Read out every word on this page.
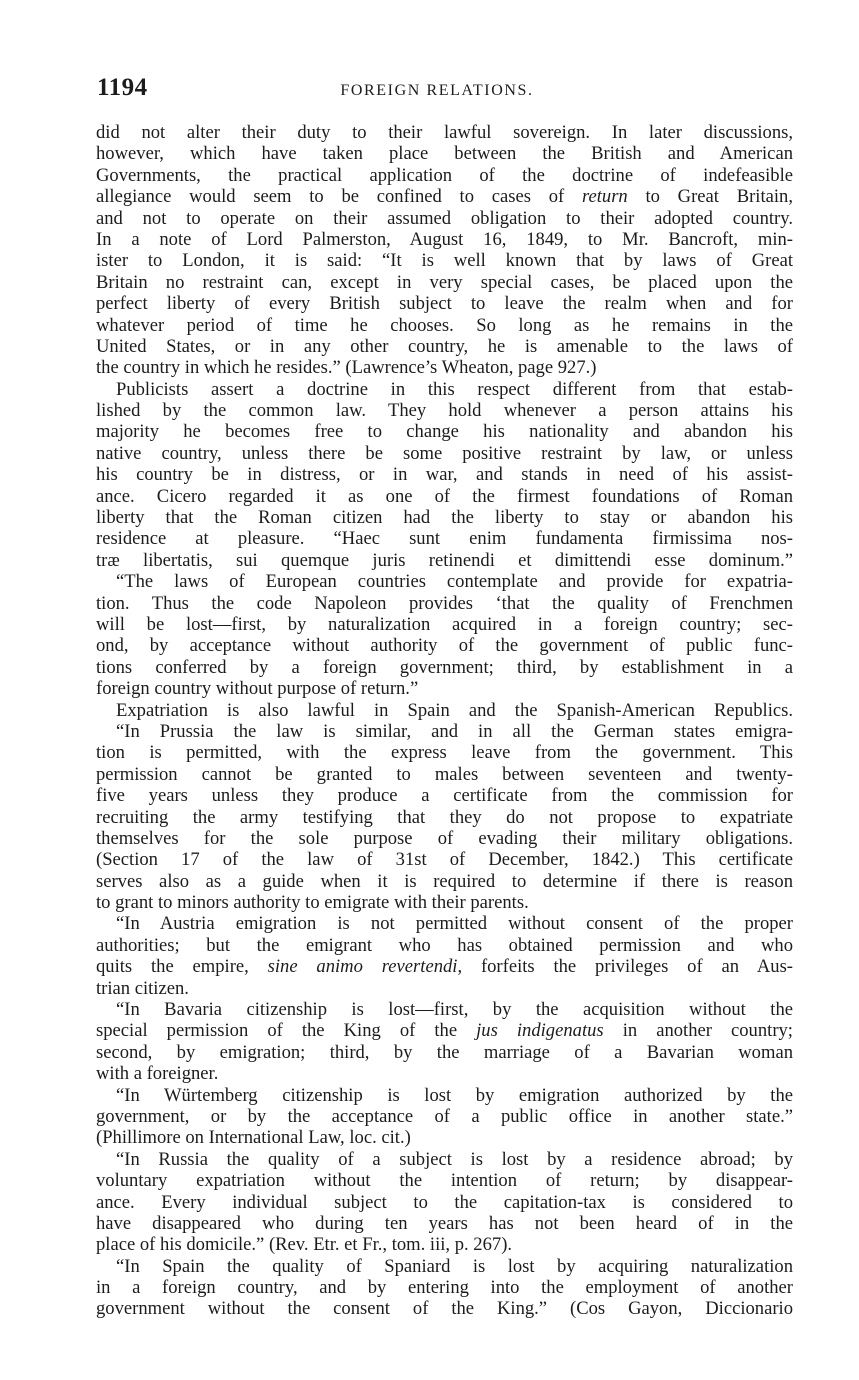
1194	FOREIGN RELATIONS.
did not alter their duty to their lawful sovereign. In later discussions,
however, which have taken place between the British and American
Governments, the practical application of the doctrine of indefeasible
allegiance would seem to be confined to cases of return to Great Britain,
and not to operate on their assumed obligation to their adopted country.
In a note of Lord Palmerston, August 16, 1849, to Mr. Bancroft, min-
ister to London, it is said: “It is well known that by laws of Great
Britain no restraint can, except in very special cases, be placed upon the
perfect liberty of every British subject to leave the realm when and for
whatever period of time he chooses. So long as he remains in the
United States, or in any other country, he is amenable to the laws of
the country in which he resides.” (Lawrence’s Wheaton, page 927.)
Publicists assert a doctrine in this respect different from that estab-
lished by the common law. They hold whenever a person attains his
majority he becomes free to change his nationality and abandon his
native country, unless there be some positive restraint by law, or unless
his country be in distress, or in war, and stands in need of his assist-
ance. Cicero regarded it as one of the firmest foundations of Roman
liberty that the Roman citizen had the liberty to stay or abandon his
residence at pleasure. “Haec sunt enim fundamenta firmissima nos-
træ libertatis, sui quemque juris retinendi et dimittendi esse dominum.”
“The laws of European countries contemplate and provide for expatria-
tion. Thus the code Napoleon provides ‘that the quality of Frenchmen
will be lost—first, by naturalization acquired in a foreign country; sec-
ond, by acceptance without authority of the government of public func-
tions conferred by a foreign government; third, by establishment in a
foreign country without purpose of return.”
Expatriation is also lawful in Spain and the Spanish-American Republics.
“In Prussia the law is similar, and in all the German states emigra-
tion is permitted, with the express leave from the government. This
permission cannot be granted to males between seventeen and twenty-
five years unless they produce a certificate from the commission for
recruiting the army testifying that they do not propose to expatriate
themselves for the sole purpose of evading their military obligations.
(Section 17 of the law of 31st of December, 1842.) This certificate
serves also as a guide when it is required to determine if there is reason
to grant to minors authority to emigrate with their parents.
“In Austria emigration is not permitted without consent of the proper
authorities; but the emigrant who has obtained permission and who
quits the empire, sine animo revertendi, forfeits the privileges of an Aus-
trian citizen.
“In Bavaria citizenship is lost—first, by the acquisition without the
special permission of the King of the jus indigenatus in another country;
second, by emigration; third, by the marriage of a Bavarian woman
with a foreigner.
“In Würtemberg citizenship is lost by emigration authorized by the
government, or by the acceptance of a public office in another state.”
(Phillimore on International Law, loc. cit.)
“In Russia the quality of a subject is lost by a residence abroad; by
voluntary expatriation without the intention of return; by disappear-
ance. Every individual subject to the capitation-tax is considered to
have disappeared who during ten years has not been heard of in the
place of his domicile.” (Rev. Etr. et Fr., tom. iii, p. 267).
“In Spain the quality of Spaniard is lost by acquiring naturalization
in a foreign country, and by entering into the employment of another
government without the consent of the King.” (Cos Gayon, Diccionario
